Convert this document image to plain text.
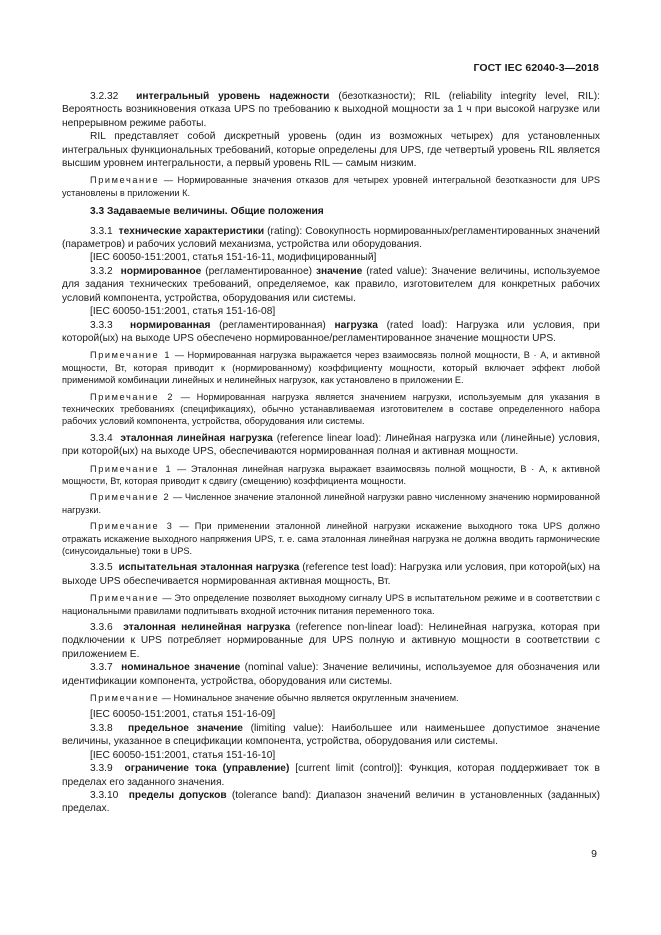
ГОСТ IEC 62040-3—2018

3.2.32 интегральный уровень надежности (безотказности); RIL (reliability integrity level, RIL): Вероятность возникновения отказа UPS по требованию к выходной мощности за 1 ч при высокой нагрузке или непрерывном режиме работы.

RIL представляет собой дискретный уровень (один из возможных четырех) для установленных интегральных функциональных требований, которые определены для UPS, где четвертый уровень RIL является высшим уровнем интегральности, а первый уровень RIL — самым низким.

Примечание — Нормированные значения отказов для четырех уровней интегральной безотказности для UPS установлены в приложении К.

3.3 Задаваемые величины. Общие положения

3.3.1 технические характеристики (rating): Совокупность нормированных/регламентированных значений (параметров) и рабочих условий механизма, устройства или оборудования.

[IEC 60050-151:2001, статья 151-16-11, модифицированный]

3.3.2 нормированное (регламентированное) значение (rated value): Значение величины, используемое для задания технических требований, определяемое, как правило, изготовителем для конкретных рабочих условий компонента, устройства, оборудования или системы.

[IEC 60050-151:2001, статья 151-16-08]

3.3.3 нормированная (регламентированная) нагрузка (rated load): Нагрузка или условия, при которой(ых) на выходе UPS обеспечено нормированное/регламентированное значение мощности UPS.

Примечание 1 — Нормированная нагрузка выражается через взаимосвязь полной мощности, В · А, и активной мощности, Вт, которая приводит к (нормированному) коэффициенту мощности, который включает эффект любой применимой комбинации линейных и нелинейных нагрузок, как установлено в приложении Е.

Примечание 2 — Нормированная нагрузка является значением нагрузки, используемым для указания в технических требованиях (спецификациях), обычно устанавливаемая изготовителем в составе определенного набора рабочих условий компонента, устройства, оборудования или системы.

3.3.4 эталонная линейная нагрузка (reference linear load): Линейная нагрузка или (линейные) условия, при которой(ых) на выходе UPS, обеспечиваются нормированная полная и активная мощности.

Примечание 1 — Эталонная линейная нагрузка выражает взаимосвязь полной мощности, В · А, к активной мощности, Вт, которая приводит к сдвигу (смещению) коэффициента мощности.

Примечание 2 — Численное значение эталонной линейной нагрузки равно численному значению нормированной нагрузки.

Примечание 3 — При применении эталонной линейной нагрузки искажение выходного тока UPS должно отражать искажение выходного напряжения UPS, т. е. сама эталонная линейная нагрузка не должна вводить гармонические (синусоидальные) токи в UPS.

3.3.5 испытательная эталонная нагрузка (reference test load): Нагрузка или условия, при которой(ых) на выходе UPS обеспечивается нормированная активная мощность, Вт.

Примечание — Это определение позволяет выходному сигналу UPS в испытательном режиме и в соответствии с национальными правилами подпитывать входной источник питания переменного тока.

3.3.6 эталонная нелинейная нагрузка (reference non-linear load): Нелинейная нагрузка, которая при подключении к UPS потребляет нормированные для UPS полную и активную мощности в соответствии с приложением Е.

3.3.7 номинальное значение (nominal value): Значение величины, используемое для обозначения или идентификации компонента, устройства, оборудования или системы.

Примечание — Номинальное значение обычно является округленным значением.

[IEC 60050-151:2001, статья 151-16-09]

3.3.8 предельное значение (limiting value): Наибольшее или наименьшее допустимое значение величины, указанное в спецификации компонента, устройства, оборудования или системы.

[IEC 60050-151:2001, статья 151-16-10]

3.3.9 ограничение тока (управление) [current limit (control)]: Функция, которая поддерживает ток в пределах его заданного значения.

3.3.10 пределы допусков (tolerance band): Диапазон значений величин в установленных (заданных) пределах.

9
